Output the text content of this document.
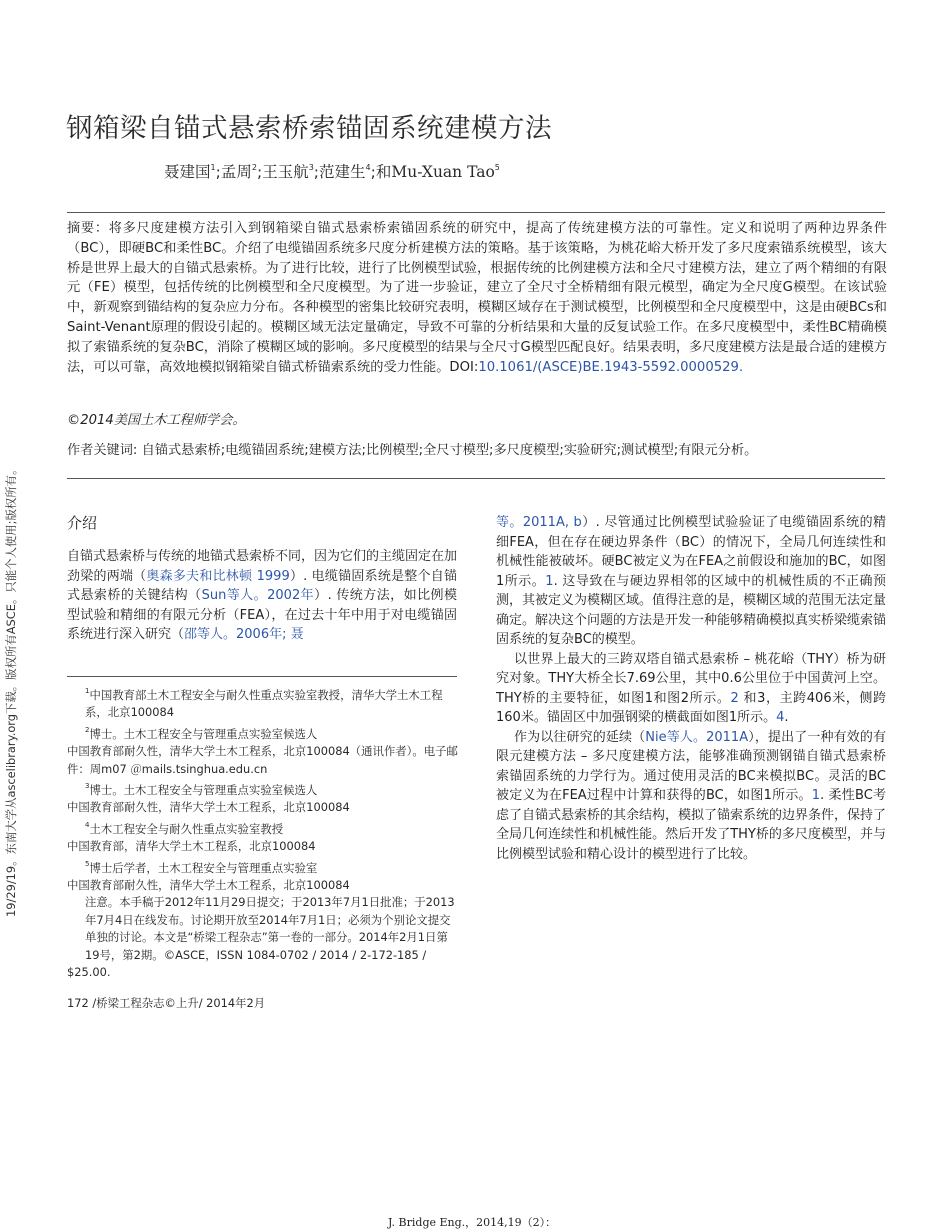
钢箱梁自锚式悬索桥索锚固系统建模方法
聂建国$^1$;孟周$^2$;王玉航$^3$;范建生$^4$;和Mu-Xuan Tao$^5$
摘要：将多尺度建模方法引入到钢箱梁自锚式悬索桥索锚固系统的研究中，提高了传统建模方法的可靠性。定义和说明了两种边界条件（BC），即硬BC和柔性BC。介绍了电缆锚固系统多尺度分析建模方法的策略。基于该策略，为桃花峪大桥开发了多尺度索锚系统模型，该大桥是世界上最大的自锚式悬索桥。为了进行比较，进行了比例模型试验，根据传统的比例建模方法和全尺寸建模方法，建立了两个精细的有限元（FE）模型，包括传统的比例模型和全尺度模型。为了进一步验证，建立了全尺寸全桥精细有限元模型，确定为全尺度G模型。在该试验中，新观察到锚结构的复杂应力分布。各种模型的密集比较研究表明，模糊区域存在于测试模型，比例模型和全尺度模型中，这是由硬BCs和Saint-Venant原理的假设引起的。模糊区域无法定量确定，导致不可靠的分析结果和大量的反复试验工作。在多尺度模型中，柔性BC精确模拟了索锚系统的复杂BC，消除了模糊区域的影响。多尺度模型的结果与全尺寸G模型匹配良好。结果表明，多尺度建模方法是最合适的建模方法，可以可靠，高效地模拟钢箱梁自锚式桥锚索系统的受力性能。DOI:10.1061/(ASCE)BE.1943-5592.0000529.
©2014美国土木工程师学会。
作者关键词: 自锚式悬索桥;电缆锚固系统;建模方法;比例模型;全尺寸模型;多尺度模型;实验研究;测试模型;有限元分析。
19/29/19。东南大学从ascelibrary.org下载。版权所有ASCE。只能个人使用;版权所有。	介绍
自锚式悬索桥与传统的地锚式悬索桥不同，因为它们的主缆固定在加劲梁的两端（奥森多夫和比林顿 1999）. 电缆锚固系统是整个自锚式悬索桥的关键结构（Sun等人。2002年）. 传统方法，如比例模型试验和精细的有限元分析（FEA），在过去十年中用于对电缆锚固系统进行深入研究（邵等人。2006年; 聂

$^1$中国教育部土木工程安全与耐久性重点实验室教授，清华大学土木工程系，北京100084

$^2$博士。土木工程安全与管理重点实验室候选人

中国教育部耐久性，清华大学土木工程系，北京100084（通讯作者）。电子邮件：周m07 ＠mails.tsinghua.edu.cn

$^3$博士。土木工程安全与管理重点实验室候选人

中国教育部耐久性，清华大学土木工程系，北京100084

$^4$土木工程安全与耐久性重点实验室教授

中国教育部，清华大学土木工程系，北京100084

$^5$博士后学者，土木工程安全与管理重点实验室

中国教育部耐久性，清华大学土木工程系，北京100084

注意。本手稿于2012年11月29日提交；于2013年7月1日批准；于2013年7月4日在线发布。讨论期开放至2014年7月1日；必须为个别论文提交单独的讨论。本文是“桥梁工程杂志”第一卷的一部分。2014年2月1日第19号，第2期。©ASCE，ISSN 1084-0702 / 2014 / 2-172-185 /

$25.00.

172 /桥梁工程杂志©上升/ 2014年2月

等。2011A, b）. 尽管通过比例模型试验验证了电缆锚固系统的精细FEA，但在存在硬边界条件（BC）的情况下，全局几何连续性和机械性能被破坏。硬BC被定义为在FEA之前假设和施加的BC，如图1所示。1. 这导致在与硬边界相邻的区域中的机械性质的不正确预测，其被定义为模糊区域。值得注意的是，模糊区域的范围无法定量确定。解决这个问题的方法是开发一种能够精确模拟真实桥梁缆索锚固系统的复杂BC的模型。

以世界上最大的三跨双塔自锚式悬索桥 – 桃花峪（THY）桥为研究对象。THY大桥全长7.69公里，其中0.6公里位于中国黄河上空。THY桥的主要特征，如图1和图2所示。2 和3，主跨406米，侧跨160米。锚固区中加强钢梁的横截面如图1所示。4.

作为以往研究的延续（Nie等人。2011A），提出了一种有效的有限元建模方法 – 多尺度建模方法，能够准确预测钢锚自锚式悬索桥索锚固系统的力学行为。通过使用灵活的BC来模拟BC。灵活的BC被定义为在FEA过程中计算和获得的BC，如图1所示。1. 柔性BC考虑了自锚式悬索桥的其余结构，模拟了锚索系统的边界条件，保持了全局几何连续性和机械性能。然后开发了THY桥的多尺度模型，并与比例模型试验和精心设计的模型进行了比较。

J. Bridge Eng.，2014,19（2）：
